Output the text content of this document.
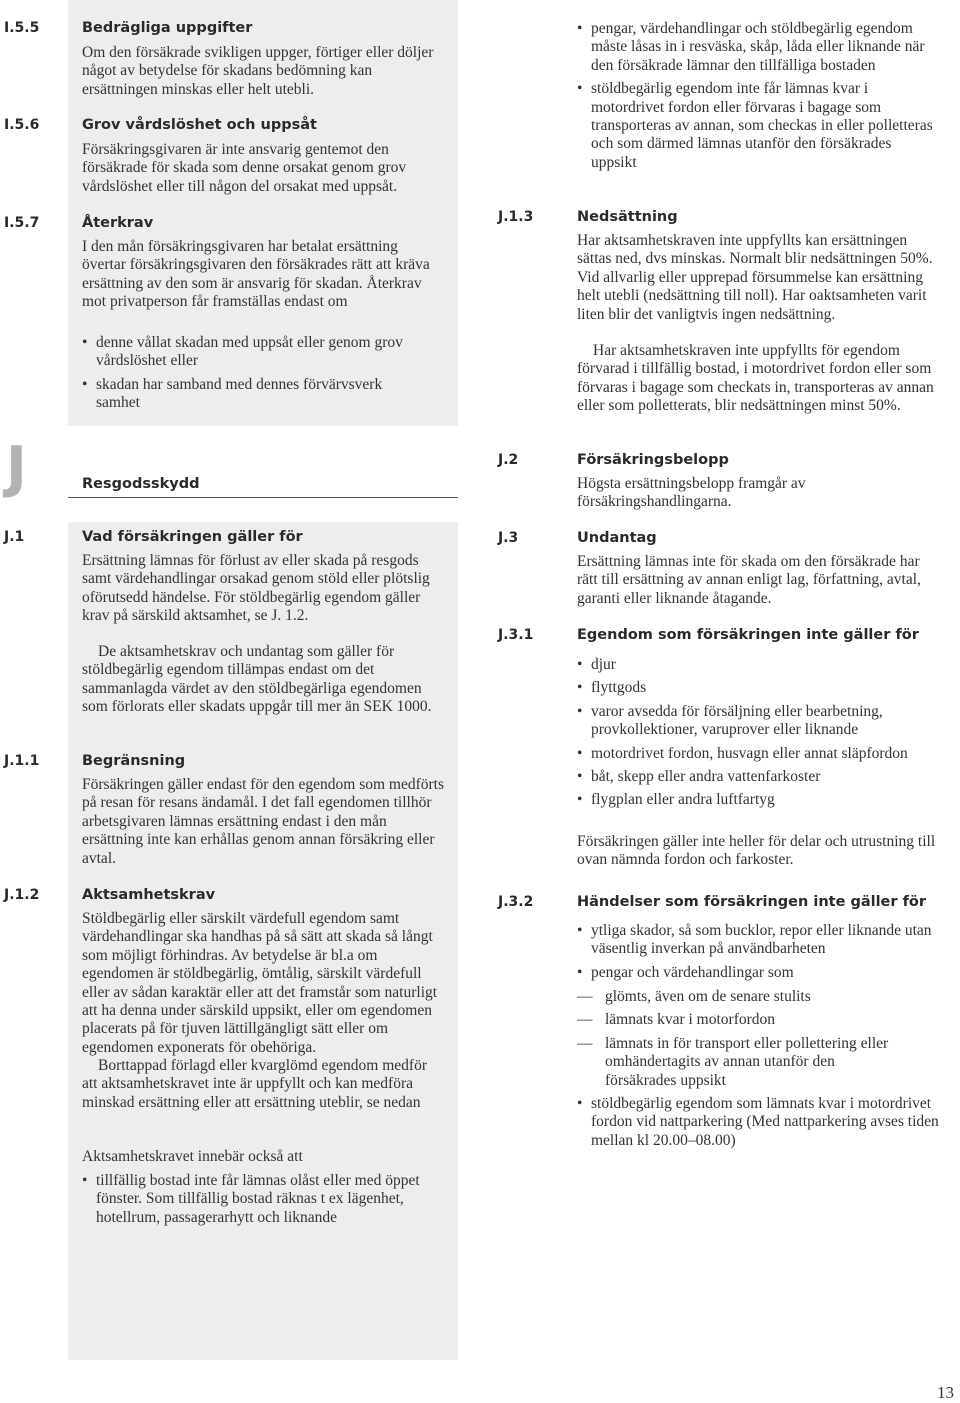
I.5.5	Bedrägliga uppgifter

Om den försäkrade svikligen uppger, förtiger eller döljer något av betydelse för skadans bedömning kan ersättningen minskas eller helt utebli.

I.5.6	Grov vårdslöshet och uppsåt

Försäkringsgivaren är inte ansvarig gentemot den försäkrade för skada som denne orsakat genom grov vårdslöshet eller till någon del orsakat med uppsåt.

I.5.7	Återkrav

I den mån försäkringsgivaren har betalat ersättning övertar försäkringsgivaren den försäkrades rätt att kräva ersättning av den som är ansvarig för skadan. Återkrav mot privatperson får framställas endast om

• denne vållat skadan med uppsåt eller genom grov vårdslöshet eller
• skadan har samband med dennes förvärvsverk samhet
J	Resgodsskydd
J.1	Vad försäkringen gäller för

Ersättning lämnas för förlust av eller skada på resgods samt värdehandlingar orsakad genom stöld eller plötslig oförutsedd händelse. För stöldbegärlig egendom gäller krav på särskild aktsamhet, se J. 1.2.

De aktsamhetskrav och undantag som gäller för stöldbegärlig egendom tillämpas endast om det sammanlagda värdet av den stöldbegärliga egendomen som förlorats eller skadats uppgår till mer än SEK 1000.

J.1.1	Begränsning

Försäkringen gäller endast för den egendom som medförts på resan för resans ändamål. I det fall egendomen tillhör arbetsgivaren lämnas ersättning endast i den mån ersättning inte kan erhållas genom annan försäkring eller avtal.

J.1.2	Aktsamhetskrav

Stöldbegärlig eller särskilt värdefull egendom samt värdehandlingar ska handhas på så sätt att skada så långt som möjligt förhindras. Av betydelse är bl.a om egendomen är stöldbegärlig, ömtålig, särskilt värdefull eller av sådan karaktär eller att det framstår som naturligt att ha denna under särskild uppsikt, eller om egendomen placerats på för tjuven lättillgängligt sätt eller om egendomen exponerats för obehöriga.

Borttappad förlagd eller kvarglömd egendom medför att aktsamhetskravet inte är uppfyllt och kan medföra minskad ersättning eller att ersättning uteblir, se nedan

Aktsamhetskravet innebär också att

• tillfällig bostad inte får lämnas olåst eller med öppet fönster. Som tillfällig bostad räknas t ex lägenhet, hotellrum, passagerarhytt och liknande
• pengar, värdehandlingar och stöldbegärlig egendom måste låsas in i resväska, skåp, låda eller liknande när den försäkrade lämnar den tillfälliga bostaden
• stöldbegärlig egendom inte får lämnas kvar i motordrivet fordon eller förvaras i bagage som transporteras av annan, som checkas in eller polletteras och som därmed lämnas utanför den försäkrades uppsikt
J.1.3	Nedsättning

Har aktsamhetskraven inte uppfyllts kan ersättningen sättas ned, dvs minskas. Normalt blir nedsättningen 50%. Vid allvarlig eller upprepad försummelse kan ersättning helt utebli (nedsättning till noll). Har oaktsamheten varit liten blir det vanligtvis ingen nedsättning.

Har aktsamhetskraven inte uppfyllts för egendom förvarad i tillfällig bostad, i motordrivet fordon eller som förvaras i bagage som checkats in, transporteras av annan eller som polletterats, blir nedsättningen minst 50%.

J.2	Försäkringsbelopp

Högsta ersättningsbelopp framgår av försäkringshandlingarna.

J.3	Undantag

Ersättning lämnas inte för skada om den försäkrade har rätt till ersättning av annan enligt lag, författning, avtal, garanti eller liknande åtagande.

J.3.1	Egendom som försäkringen inte gäller för
• djur
• flyttgods
• varor avsedda för försäljning eller bearbetning, provkollektioner, varuprover eller liknande
• motordrivet fordon, husvagn eller annat släpfordon
• båt, skepp eller andra vattenfarkoster
• flygplan eller andra luftfartyg

Försäkringen gäller inte heller för delar och utrustning till ovan nämnda fordon och farkoster.

J.3.2	Händelser som försäkringen inte gäller för
• ytliga skador, så som bucklor, repor eller liknande utan väsentlig inverkan på användbarheten
• pengar och värdehandlingar som
— glömts, även om de senare stulits
— lämnats kvar i motorfordon
— lämnats in för transport eller pollettering eller omhändertagits av annan utanför den försäkrades uppsikt
• stöldbegärlig egendom som lämnats kvar i motordrivet fordon vid nattparkering (Med nattparkering avses tiden mellan kl 20.00–08.00)
13
